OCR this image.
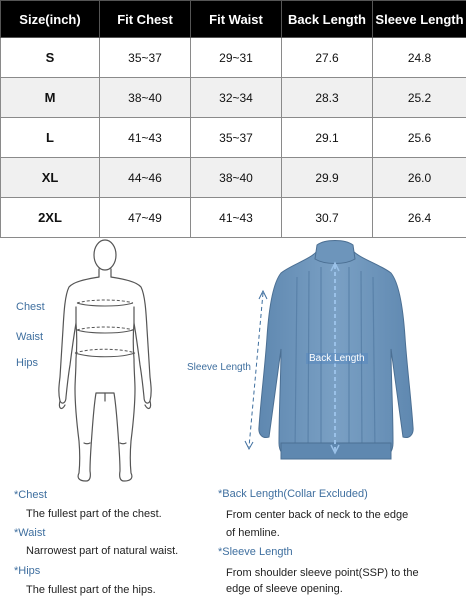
Size(inch)	Fit Chest	Fit Waist	Back Length	Sleeve Length
S	35~37	29~31	27.6	24.8
M	38~40	32~34	28.3	25.2
L	41~43	35~37	29.1	25.6
XL	44~46	38~40	29.9	26.0
2XL	47~49	41~43	30.7	26.4
Chest
Waist
Hips	Sleeve Length
Back Length
*Chest
The fullest part of the chest.
*Waist
Narrowest part of natural waist.
*Hips
The fullest part of the hips.
*Back Length(Collar Excluded)
From center back of neck to the edge
of hemline.
*Sleeve Length
From shoulder sleeve point(SSP) to the
edge of sleeve opening.
